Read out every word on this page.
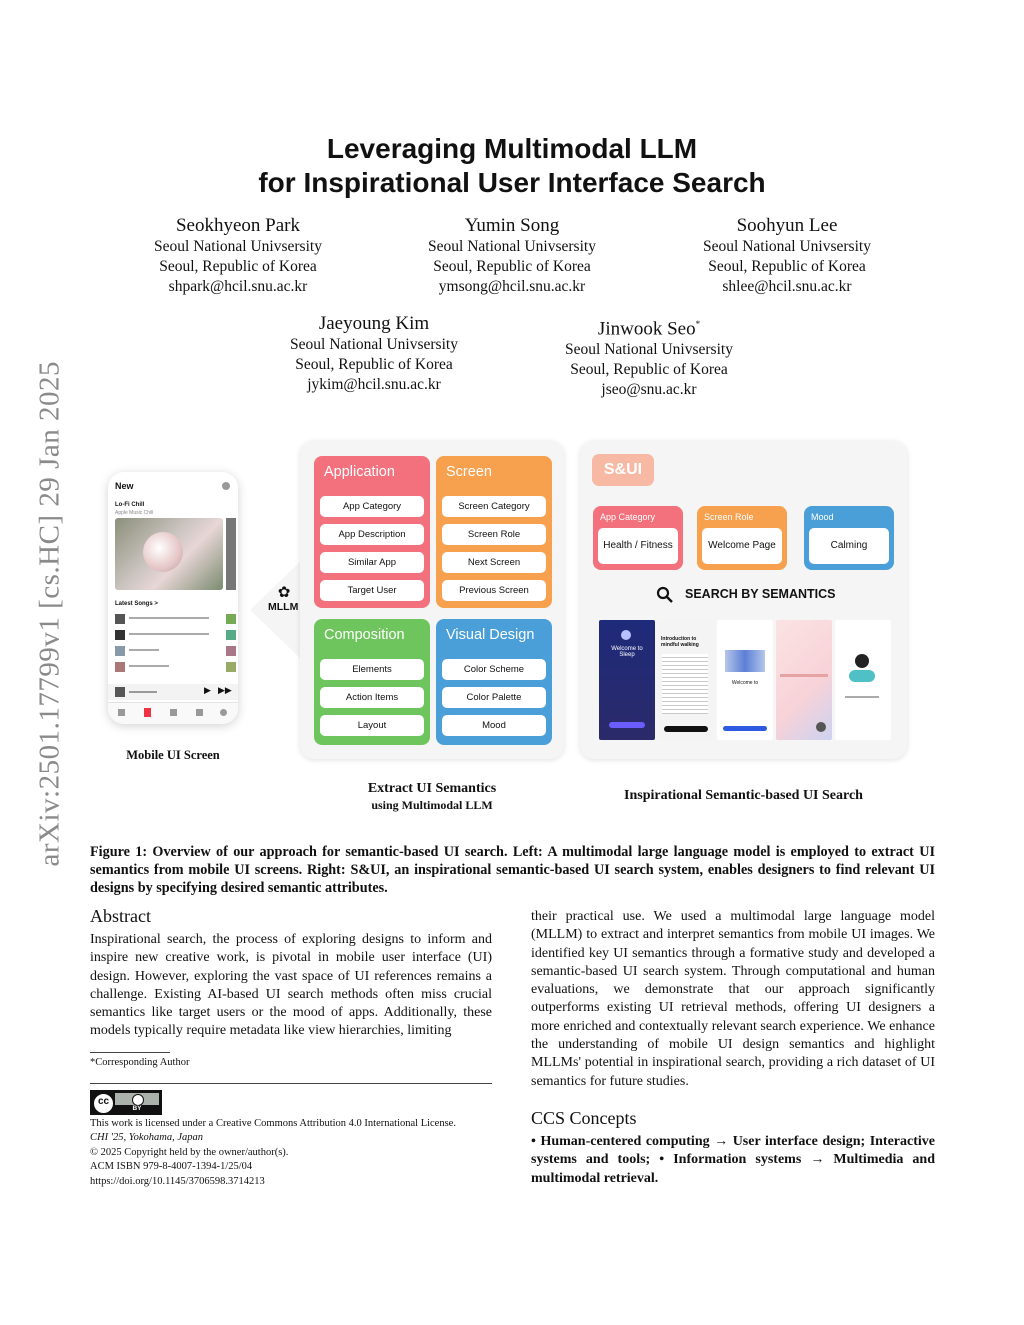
arXiv:2501.17799v1 [cs.HC] 29 Jan 2025
Leveraging Multimodal LLM
for Inspirational User Interface Search
Seokhyeon Park
Seoul National Univsersity
Seoul, Republic of Korea
shpark@hcil.snu.ac.kr
Yumin Song
Seoul National Univsersity
Seoul, Republic of Korea
ymsong@hcil.snu.ac.kr
Soohyun Lee
Seoul National Univsersity
Seoul, Republic of Korea
shlee@hcil.snu.ac.kr
Jaeyoung Kim
Seoul National Univsersity
Seoul, Republic of Korea
jykim@hcil.snu.ac.kr
Jinwook Seo*
Seoul National Univsersity
Seoul, Republic of Korea
jseo@snu.ac.kr
New
Lo-Fi Chill
Apple Music Chill
Latest Songs >
▶ ▶▶
Mobile UI Screen
✿
MLLM
Application
App Category
App Description
Similar App
Target User
Screen
Screen Category
Screen Role
Next Screen
Previous Screen
Composition
Elements
Action Items
Layout
Visual Design
Color Scheme
Color Palette
Mood
Extract UI Semantics
using Multimodal LLM
S&UI
App Category
Health / Fitness
Screen Role
Welcome Page
Mood
Calming
SEARCH BY SEMANTICS
Welcome to Sleep
Introduction to mindful walking
Welcome to
Inspirational Semantic-based UI Search
Figure 1: Overview of our approach for semantic-based UI search. Left: A multimodal large language model is employed to extract UI semantics from mobile UI screens. Right: S&UI, an inspirational semantic-based UI search system, enables designers to find relevant UI designs by specifying desired semantic attributes.
Abstract
Inspirational search, the process of exploring designs to inform and inspire new creative work, is pivotal in mobile user interface (UI) design. However, exploring the vast space of UI references remains a challenge. Existing AI-based UI search methods often miss crucial semantics like target users or the mood of apps. Additionally, these models typically require metadata like view hierarchies, limiting
their practical use. We used a multimodal large language model (MLLM) to extract and interpret semantics from mobile UI images. We identified key UI semantics through a formative study and developed a semantic-based UI search system. Through computational and human evaluations, we demonstrate that our approach significantly outperforms existing UI retrieval methods, offering UI designers a more enriched and contextually relevant search experience. We enhance the understanding of mobile UI design semantics and highlight MLLMs' potential in inspirational search, providing a rich dataset of UI semantics for future studies.
*Corresponding Author
cc
BY
This work is licensed under a Creative Commons Attribution 4.0 International License.
CHI '25, Yokohama, Japan
© 2025 Copyright held by the owner/author(s).
ACM ISBN 979-8-4007-1394-1/25/04
https://doi.org/10.1145/3706598.3714213
CCS Concepts
• Human-centered computing → User interface design; Interactive systems and tools; • Information systems → Multimedia and multimodal retrieval.
